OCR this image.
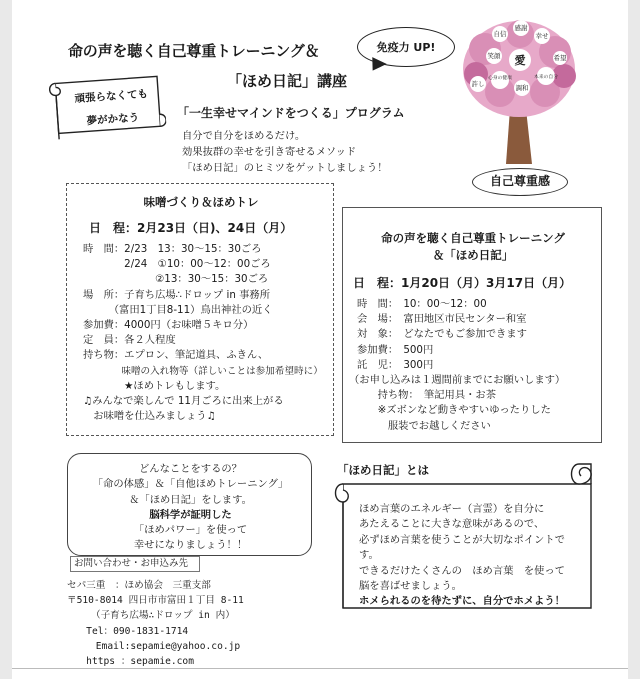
命の声を聴く自己尊重トレーニング＆
「ほめ日記」講座
免疫力 UP!
頑張らなくても
夢がかなう	「一生幸せマインドをつくる」プログラム
自分で自分をほめるだけ。
効果抜群の幸せを引き寄せるメソッド
「ほめ日記」のヒミツをゲットしましょう！
自信
感謝
幸せ
愛
笑顔
許し
心身の健康
調和
本来の自分
希望
自己尊重感
味噌づくり＆ほめトレ
日　程：2月23日（日)、24日（月）
時　間：2/23　13：30～15：30ごろ
　　　　2/24　①10：00～12：00ごろ
　　　　　　　②13：30～15：30ごろ
場　所：子育ち広場∴ドロップ in 事務所
　　　（富田1丁目8-11）鳥出神社の近く
参加費：4000円（お味噌５キロ分）
定　員：各２人程度
持ち物：エプロン、筆記道具、ふきん、
　　　　味噌の入れ物等（詳しいことは参加希望時に）
　　　　★ほめトレもします。
♫みんなで楽しんで 11月ごろに出来上がる
　お味噌を仕込みましょう♫
命の声を聴く自己尊重トレーニング
＆「ほめ日記」
日　程：1月20日（月）3月17日（月）
時　間：　10：00～12：00
会　場：　富田地区市民センター和室
対　象：　どなたでもご参加できます
参加費：　500円
託　児：　300円
（お申し込みは１週間前までにお願いします）
　　持ち物：　筆記用具・お茶
　　※ズボンなど動きやすいゆったりした
　　　服装でお越しください
どんなことをするの？
「命の体感」＆「自他ほめトレーニング」
＆「ほめ日記」をします。
脳科学が証明した
「ほめパワー」を使って
幸せになりましょう！！
お問い合わせ・お申込み先
セパ三重　：ほめ協会　三重支部
〒510-8014 四日市市富田１丁目 8-11
　　　（子育ち広場∴ドロップ in 内）
　　Tel：090-1831-1714
　　　Email:sepamie@yahoo.co.jp
　　https ：sepamie.com
ほめ言葉のエネルギー（言霊）を自分に
あたえることに大きな意味があるので、
必ずほめ言葉を使うことが大切なポイントで
す。
できるだけたくさんの　ほめ言葉　を使って
脳を喜ばせましょう。
ホメられるのを待たずに、自分でホメよう！
「ほめ日記」とは
